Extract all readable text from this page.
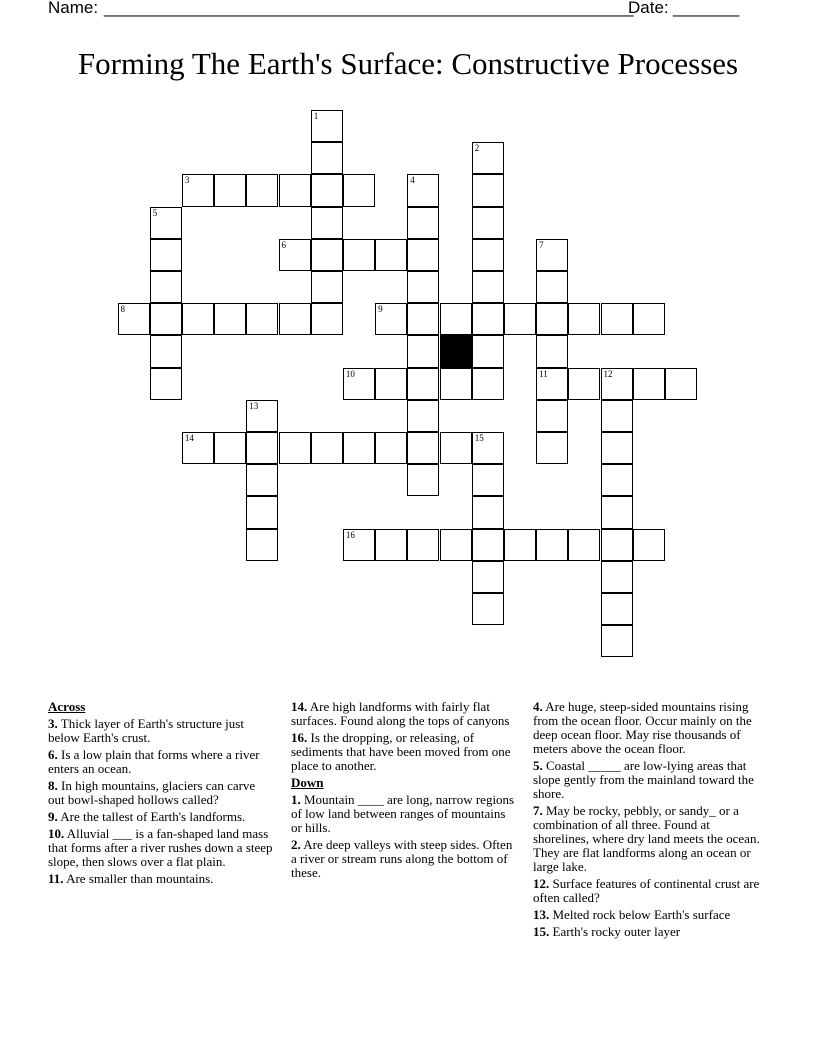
Name: ________________________________________________________
Date: _______
Forming The Earth's Surface: Constructive Processes
1
2
3	4
5
6	7
11
8	9
10	12
13
14	15
16
Across
3. Thick layer of Earth's structure just below Earth's crust.
6. Is a low plain that forms where a river enters an ocean.
8. In high mountains, glaciers can carve out bowl-shaped hollows called?
9. Are the tallest of Earth's landforms.
10. Alluvial ___ is a fan-shaped land mass that forms after a river rushes down a steep slope, then slows over a flat plain.
11. Are smaller than mountains.
14. Are high landforms with fairly flat surfaces. Found along the tops of canyons
16. Is the dropping, or releasing, of sediments that have been moved from one place to another.
Down
1. Mountain ____ are long, narrow regions of low land between ranges of mountains or hills.
2. Are deep valleys with steep sides. Often a river or stream runs along the bottom of these.
4. Are huge, steep-sided mountains rising from the ocean floor. Occur mainly on the deep ocean floor. May rise thousands of meters above the ocean floor.
5. Coastal _____ are low-lying areas that slope gently from the mainland toward the shore.
7. May be rocky, pebbly, or sandy_ or a combination of all three. Found at shorelines, where dry land meets the ocean. They are flat landforms along an ocean or large lake.
12. Surface features of continental crust are often called?
13. Melted rock below Earth's surface
15. Earth's rocky outer layer
